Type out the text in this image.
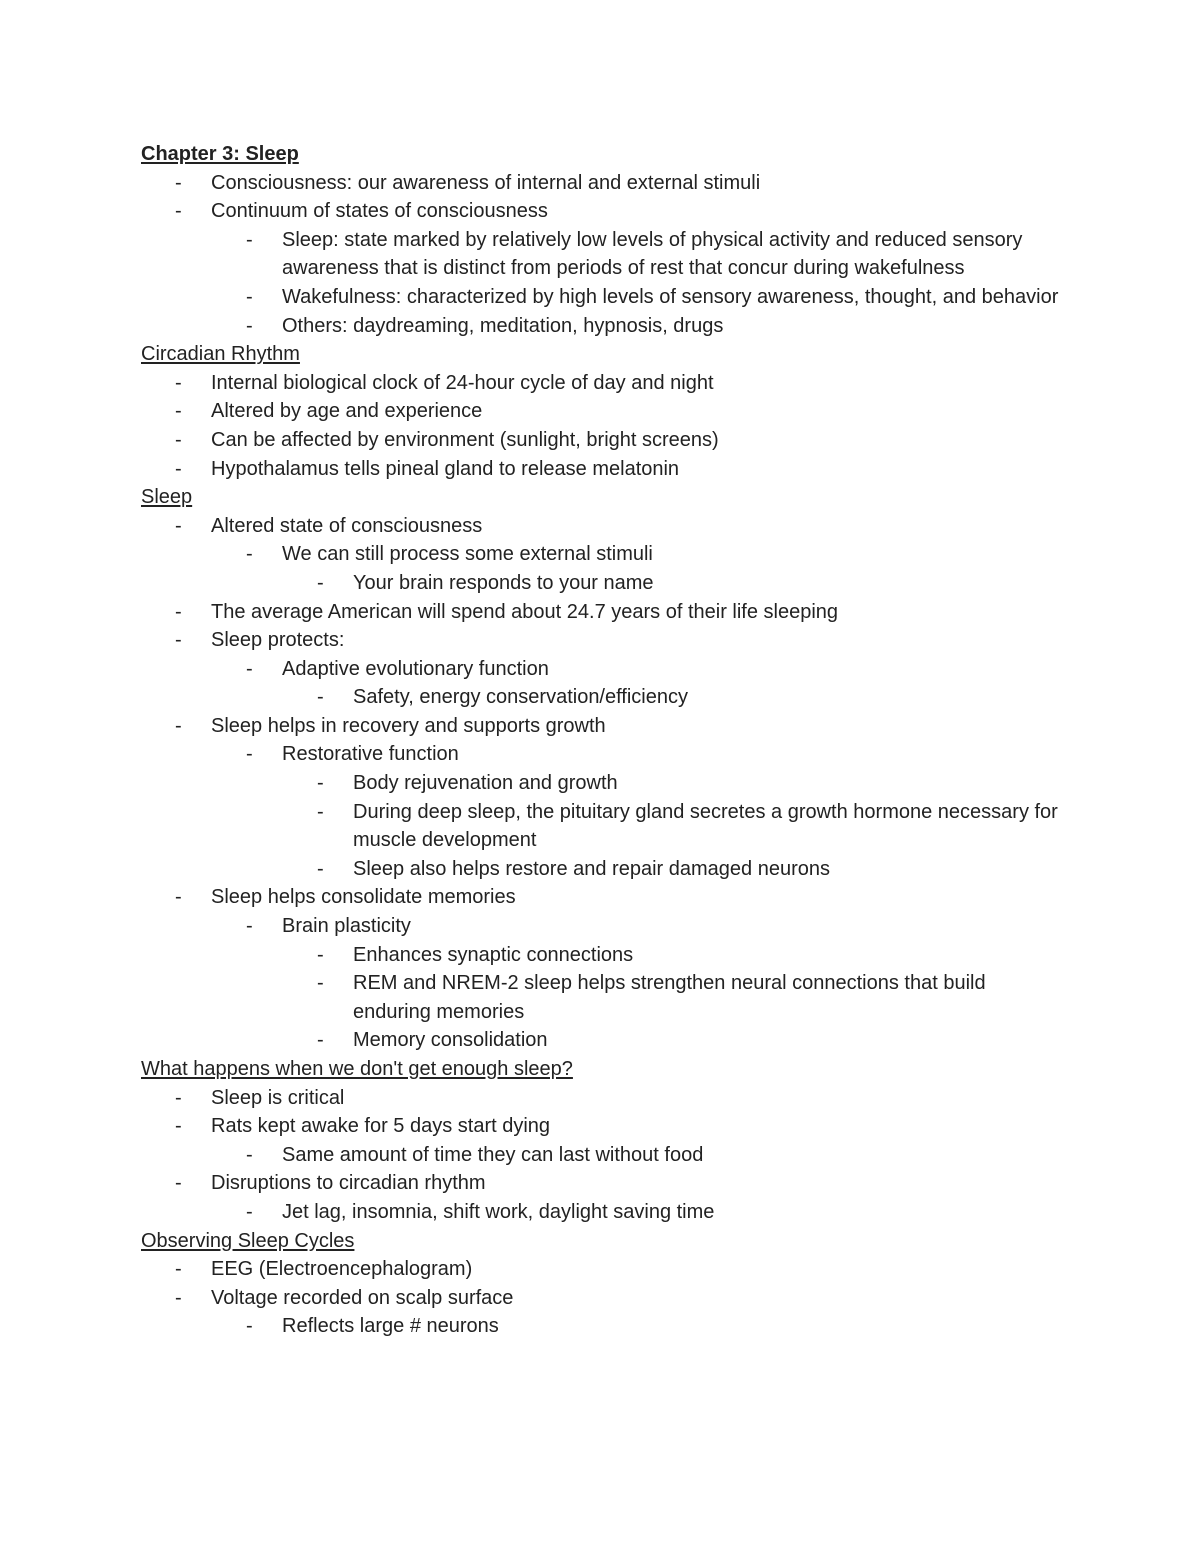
Chapter 3: Sleep

- Consciousness: our awareness of internal and external stimuli
- Continuum of states of consciousness
- Sleep: state marked by relatively low levels of physical activity and reduced sensory awareness that is distinct from periods of rest that concur during wakefulness
- Wakefulness: characterized by high levels of sensory awareness, thought, and behavior
- Others: daydreaming, meditation, hypnosis, drugs

Circadian Rhythm

- Internal biological clock of 24-hour cycle of day and night
- Altered by age and experience
- Can be affected by environment (sunlight, bright screens)
- Hypothalamus tells pineal gland to release melatonin

Sleep

- Altered state of consciousness
- We can still process some external stimuli
- Your brain responds to your name
- The average American will spend about 24.7 years of their life sleeping
- Sleep protects:
- Adaptive evolutionary function
- Safety, energy conservation/efficiency
- Sleep helps in recovery and supports growth
- Restorative function
- Body rejuvenation and growth
- During deep sleep, the pituitary gland secretes a growth hormone necessary for muscle development
- Sleep also helps restore and repair damaged neurons
- Sleep helps consolidate memories
- Brain plasticity
- Enhances synaptic connections
- REM and NREM-2 sleep helps strengthen neural connections that build enduring memories
- Memory consolidation

What happens when we don't get enough sleep?

- Sleep is critical
- Rats kept awake for 5 days start dying
- Same amount of time they can last without food
- Disruptions to circadian rhythm
- Jet lag, insomnia, shift work, daylight saving time

Observing Sleep Cycles

- EEG (Electroencephalogram)
- Voltage recorded on scalp surface
- Reflects large # neurons
